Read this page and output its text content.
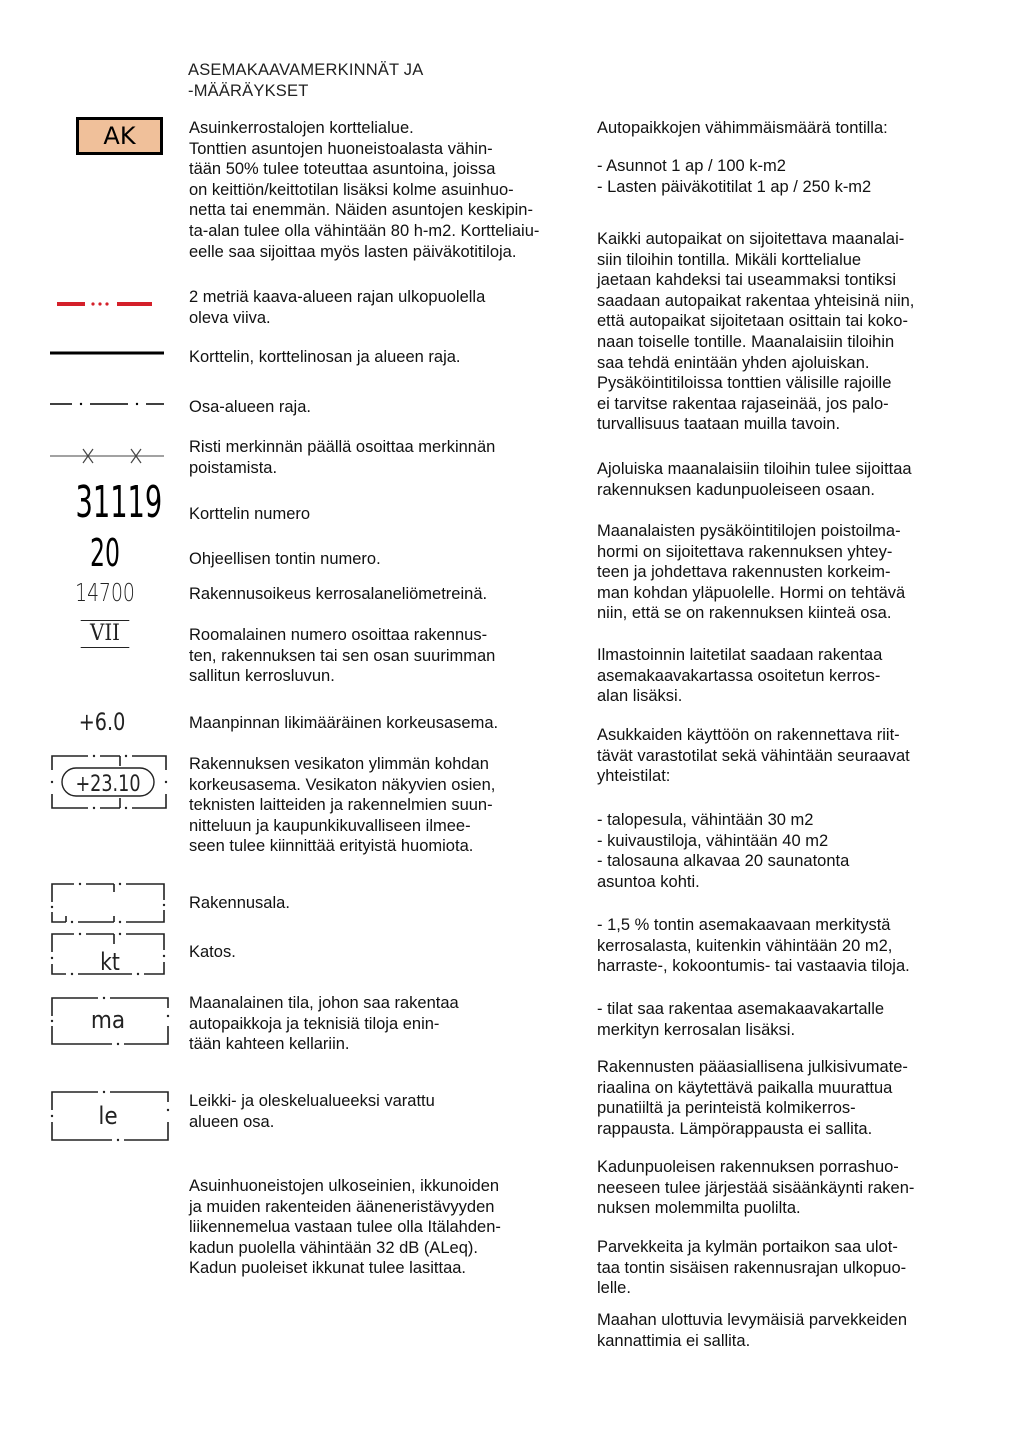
ASEMAKAAVAMERKINNÄT JA
-MÄÄRÄYKSET
AK
31119
20
14700
VII
+6.0
+23.10
kt
ma
le
Asuinkerrostalojen korttelialue.
Tonttien asuntojen huoneistoalasta vähin-
tään 50% tulee toteuttaa asuntoina, joissa
on keittiön/keittotilan lisäksi kolme asuinhuo-
netta tai enemmän. Näiden asuntojen keskipin-
ta-alan tulee olla vähintään 80 h-m2. Kortteliaiu-
eelle saa sijoittaa myös lasten päiväkotitiloja.
2 metriä kaava-alueen rajan ulkopuolella
oleva viiva.
Korttelin, korttelinosan ja alueen raja.
Osa-alueen raja.
Risti merkinnän päällä osoittaa merkinnän
poistamista.
Korttelin numero
Ohjeellisen tontin numero.
Rakennusoikeus kerrosalaneliömetreinä.
Roomalainen numero osoittaa rakennus-
ten, rakennuksen tai sen osan suurimman
sallitun kerrosluvun.
Maanpinnan likimääräinen korkeusasema.
Rakennuksen vesikaton ylimmän kohdan
korkeusasema. Vesikaton näkyvien osien,
teknisten laitteiden ja rakennelmien suun-
nitteluun ja kaupunkikuvalliseen ilmee-
seen tulee kiinnittää erityistä huomiota.
Rakennusala.
Katos.
Maanalainen tila, johon saa rakentaa
autopaikkoja ja teknisiä tiloja enin-
tään kahteen kellariin.
Leikki- ja oleskelualueeksi varattu
alueen osa.
Asuinhuoneistojen ulkoseinien, ikkunoiden
ja muiden rakenteiden ääneneristävyyden
liikennemelua vastaan tulee olla Itälahden-
kadun puolella vähintään 32 dB (ALeq).
Kadun puoleiset ikkunat tulee lasittaa.
Autopaikkojen vähimmäismäärä tontilla:
- Asunnot 1 ap / 100 k-m2
- Lasten päiväkotitilat 1 ap / 250 k-m2
Kaikki autopaikat on sijoitettava maanalai-
siin tiloihin tontilla. Mikäli korttelialue
jaetaan kahdeksi tai useammaksi tontiksi
saadaan autopaikat rakentaa yhteisinä niin,
että autopaikat sijoitetaan osittain tai koko-
naan toiselle tontille. Maanalaisiin tiloihin
saa tehdä enintään yhden ajoluiskan.
Pysäköintitiloissa tonttien välisille rajoille
ei tarvitse rakentaa rajaseinää, jos palo-
turvallisuus taataan muilla tavoin.
Ajoluiska maanalaisiin tiloihin tulee sijoittaa
rakennuksen kadunpuoleiseen osaan.
Maanalaisten pysäköintitilojen poistoilma-
hormi on sijoitettava rakennuksen yhtey-
teen ja johdettava rakennusten korkeim-
man kohdan yläpuolelle. Hormi on tehtävä
niin, että se on rakennuksen kiinteä osa.
Ilmastoinnin laitetilat saadaan rakentaa
asemakaavakartassa osoitetun kerros-
alan lisäksi.
Asukkaiden käyttöön on rakennettava riit-
tävät varastotilat sekä vähintään seuraavat
yhteistilat:
- talopesula, vähintään 30 m2
- kuivaustiloja, vähintään 40 m2
- talosauna alkavaa 20 saunatonta
asuntoa kohti.
- 1,5 % tontin asemakaavaan merkitystä
kerrosalasta, kuitenkin vähintään 20 m2,
harraste-, kokoontumis- tai vastaavia tiloja.
- tilat saa rakentaa asemakaavakartalle
merkityn kerrosalan lisäksi.
Rakennusten pääasiallisena julkisivumate-
riaalina on käytettävä paikalla muurattua
punatiiltä ja perinteistä kolmikerros-
rappausta. Lämpörappausta ei sallita.
Kadunpuoleisen rakennuksen porrashuo-
neeseen tulee järjestää sisäänkäynti raken-
nuksen molemmilta puolilta.
Parvekkeita ja kylmän portaikon saa ulot-
taa tontin sisäisen rakennusrajan ulkopuo-
lelle.
Maahan ulottuvia levymäisiä parvekkeiden
kannattimia ei sallita.
